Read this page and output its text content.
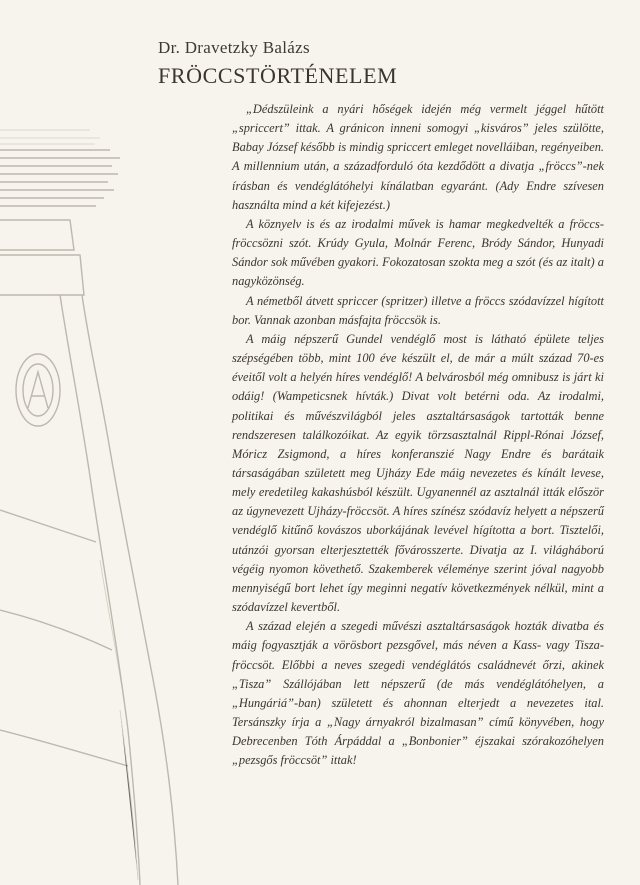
Dr. Dravetzky Balázs
FRÖCCSTÖRTÉNELEM

„Dédszüleink a nyári hőségek idején még vermelt jéggel hűtött „spriccert” ittak. A gránicon inneni somogyi „kisváros” jeles szülötte, Babay József később is mindig spriccert emleget novelláiban, regényeiben. A millennium után, a századforduló óta kezdődött a divatja „fröccs”-nek írásban és vendéglátóhelyi kínálatban egyaránt. (Ady Endre szívesen használta mind a két kifejezést.)

A köznyelv is és az irodalmi művek is hamar megkedvelték a fröccs-fröccsözni szót. Krúdy Gyula, Molnár Ferenc, Bródy Sándor, Hunyadi Sándor sok művében gyakori. Fokozatosan szokta meg a szót (és az italt) a nagyközönség.

A németből átvett spriccer (spritzer) illetve a fröccs szódavízzel hígított bor. Vannak azonban másfajta fröccsök is.

A máig népszerű Gundel vendéglő most is látható épülete teljes szépségében több, mint 100 éve készült el, de már a múlt század 70-es éveitől volt a helyén híres vendéglő! A belvárosból még omnibusz is járt ki odáig! (Wampeticsnek hívták.) Divat volt betérni oda. Az irodalmi, politikai és művészvilágból jeles asztaltársaságok tartották benne rendszeresen találkozóikat. Az egyik törzsasztalnál Rippl-Rónai József, Móricz Zsigmond, a híres konferanszié Nagy Endre és barátaik társaságában született meg Ujházy Ede máig nevezetes és kínált levese, mely eredetileg kakashúsból készült. Ugyanennél az asztalnál itták először az úgynevezett Ujházy-fröccsöt. A híres színész szódavíz helyett a népszerű vendéglő kitűnő kovászos uborkájának levével hígította a bort. Tisztelői, utánzói gyorsan elterjesztették fővárosszerte. Divatja az I. világháború végéig nyomon követhető. Szakemberek véleménye szerint jóval nagyobb mennyiségű bort lehet így meginni negatív következmények nélkül, mint a szódavízzel kevertből.

A század elején a szegedi művészi asztaltársaságok hozták divatba és máig fogyasztják a vörösbort pezsgővel, más néven a Kass- vagy Tisza-fröccsöt. Előbbi a neves szegedi vendéglátós családnevét őrzi, akinek „Tisza” Szállójában lett népszerű (de más vendéglátóhelyen, a „Hungáriá”-ban) született és ahonnan elterjedt a nevezetes ital. Tersánszky írja a „Nagy árnyakról bizalmasan” című könyvében, hogy Debrecenben Tóth Árpáddal a „Bonbonier” éjszakai szórakozóhelyen „pezsgős fröccsöt” ittak!
